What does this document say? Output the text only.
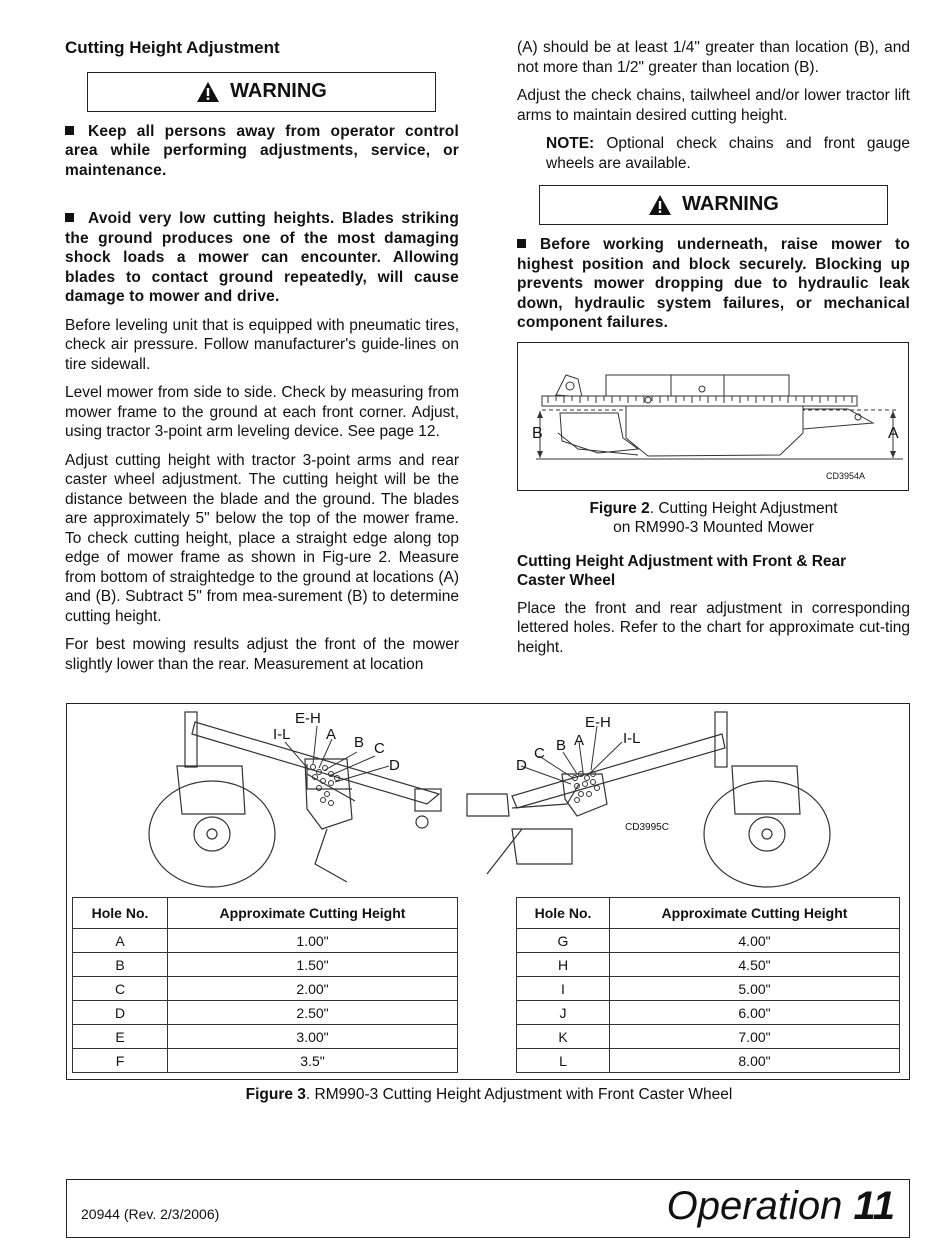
Cutting Height Adjustment
WARNING

Keep all persons away from operator control area while performing adjustments, service, or maintenance.

Avoid very low cutting heights. Blades striking the ground produces one of the most damaging shock loads a mower can encounter. Allowing blades to contact ground repeatedly, will cause damage to mower and drive.

Before leveling unit that is equipped with pneumatic tires, check air pressure. Follow manufacturer's guide-lines on tire sidewall.

Level mower from side to side. Check by measuring from mower frame to the ground at each front corner. Adjust, using tractor 3-point arm leveling device. See page 12.

Adjust cutting height with tractor 3-point arms and rear caster wheel adjustment. The cutting height will be the distance between the blade and the ground. The blades are approximately 5" below the top of the mower frame. To check cutting height, place a straight edge along top edge of mower frame as shown in Fig-ure 2. Measure from bottom of straightedge to the ground at locations (A) and (B). Subtract 5" from mea-surement (B) to determine cutting height.

For best mowing results adjust the front of the mower slightly lower than the rear. Measurement at location

(A) should be at least 1/4" greater than location (B), and not more than 1/2" greater than location (B).

Adjust the check chains, tailwheel and/or lower tractor lift arms to maintain desired cutting height.

NOTE: Optional check chains and front gauge wheels are available.

WARNING

Before working underneath, raise mower to highest position and block securely. Blocking up prevents mower dropping due to hydraulic leak down, hydraulic system failures, or mechanical component failures.

B	A
CD3954A
Figure 2. Cutting Height Adjustment
on RM990-3 Mounted Mower
Cutting Height Adjustment with Front & Rear Caster Wheel

Place the front and rear adjustment in corresponding lettered holes. Refer to the chart for approximate cut-ting height.

E-H
I-L A B C
D
E-H
I-L
A
B
C
D
CD3995C
Hole No.	Approximate Cutting Height
A	1.00"
B	1.50"
C	2.00"
D	2.50"
E	3.00"
F	3.5"
Hole No.	Approximate Cutting Height
G	4.00"
H	4.50"
I	5.00"
J	6.00"
K	7.00"
L	8.00"
Figure 3. RM990-3 Cutting Height Adjustment with Front Caster Wheel
20944 (Rev. 2/3/2006)	Operation 11
